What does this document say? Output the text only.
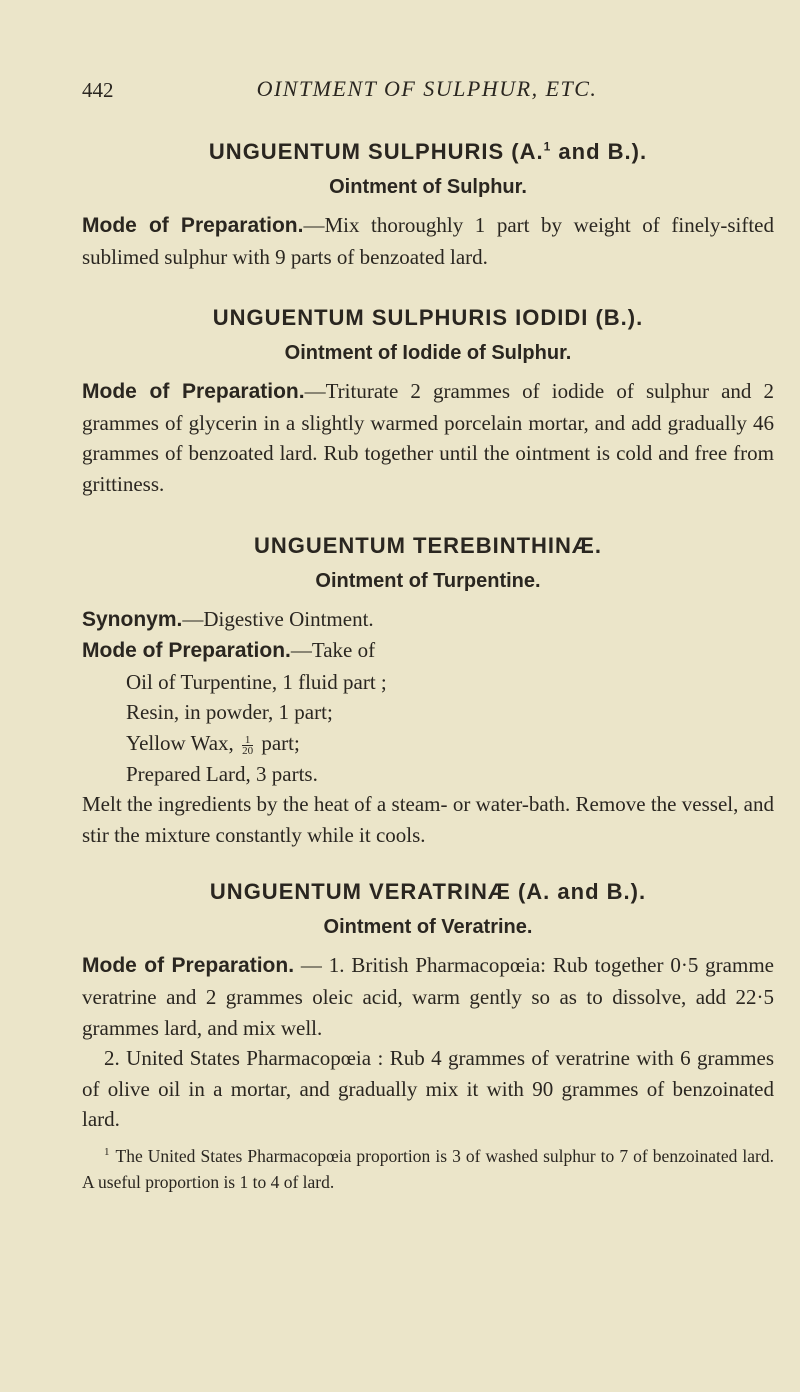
442	OINTMENT OF SULPHUR, ETC.
UNGUENTUM SULPHURIS (A.$^1$ and B.).
Ointment of Sulphur.

Mode of Preparation.—Mix thoroughly 1 part by weight of finely-sifted sublimed sulphur with 9 parts of benzoated lard.

UNGUENTUM SULPHURIS IODIDI (B.).
Ointment of Iodide of Sulphur.

Mode of Preparation.—Triturate 2 grammes of iodide of sulphur and 2 grammes of glycerin in a slightly warmed porcelain mortar, and add gradually 46 grammes of benzoated lard. Rub together until the ointment is cold and free from grittiness.

UNGUENTUM TEREBINTHINÆ.
Ointment of Turpentine.

Synonym.—Digestive Ointment.

Mode of Preparation.—Take of

Oil of Turpentine, 1 fluid part ;
Resin, in powder, 1 part;
Yellow Wax, $\frac{1}{20}$ part;
Prepared Lard, 3 parts.

Melt the ingredients by the heat of a steam- or water-bath. Remove the vessel, and stir the mixture constantly while it cools.

UNGUENTUM VERATRINÆ (A. and B.).
Ointment of Veratrine.

Mode of Preparation. — 1. British Pharmacopœia: Rub together 0·5 gramme veratrine and 2 grammes oleic acid, warm gently so as to dissolve, add 22·5 grammes lard, and mix well.

2. United States Pharmacopœia : Rub 4 grammes of veratrine with 6 grammes of olive oil in a mortar, and gradually mix it with 90 grammes of benzoinated lard.

$^1$ The United States Pharmacopœia proportion is 3 of washed sulphur to 7 of benzoinated lard. A useful proportion is 1 to 4 of lard.
